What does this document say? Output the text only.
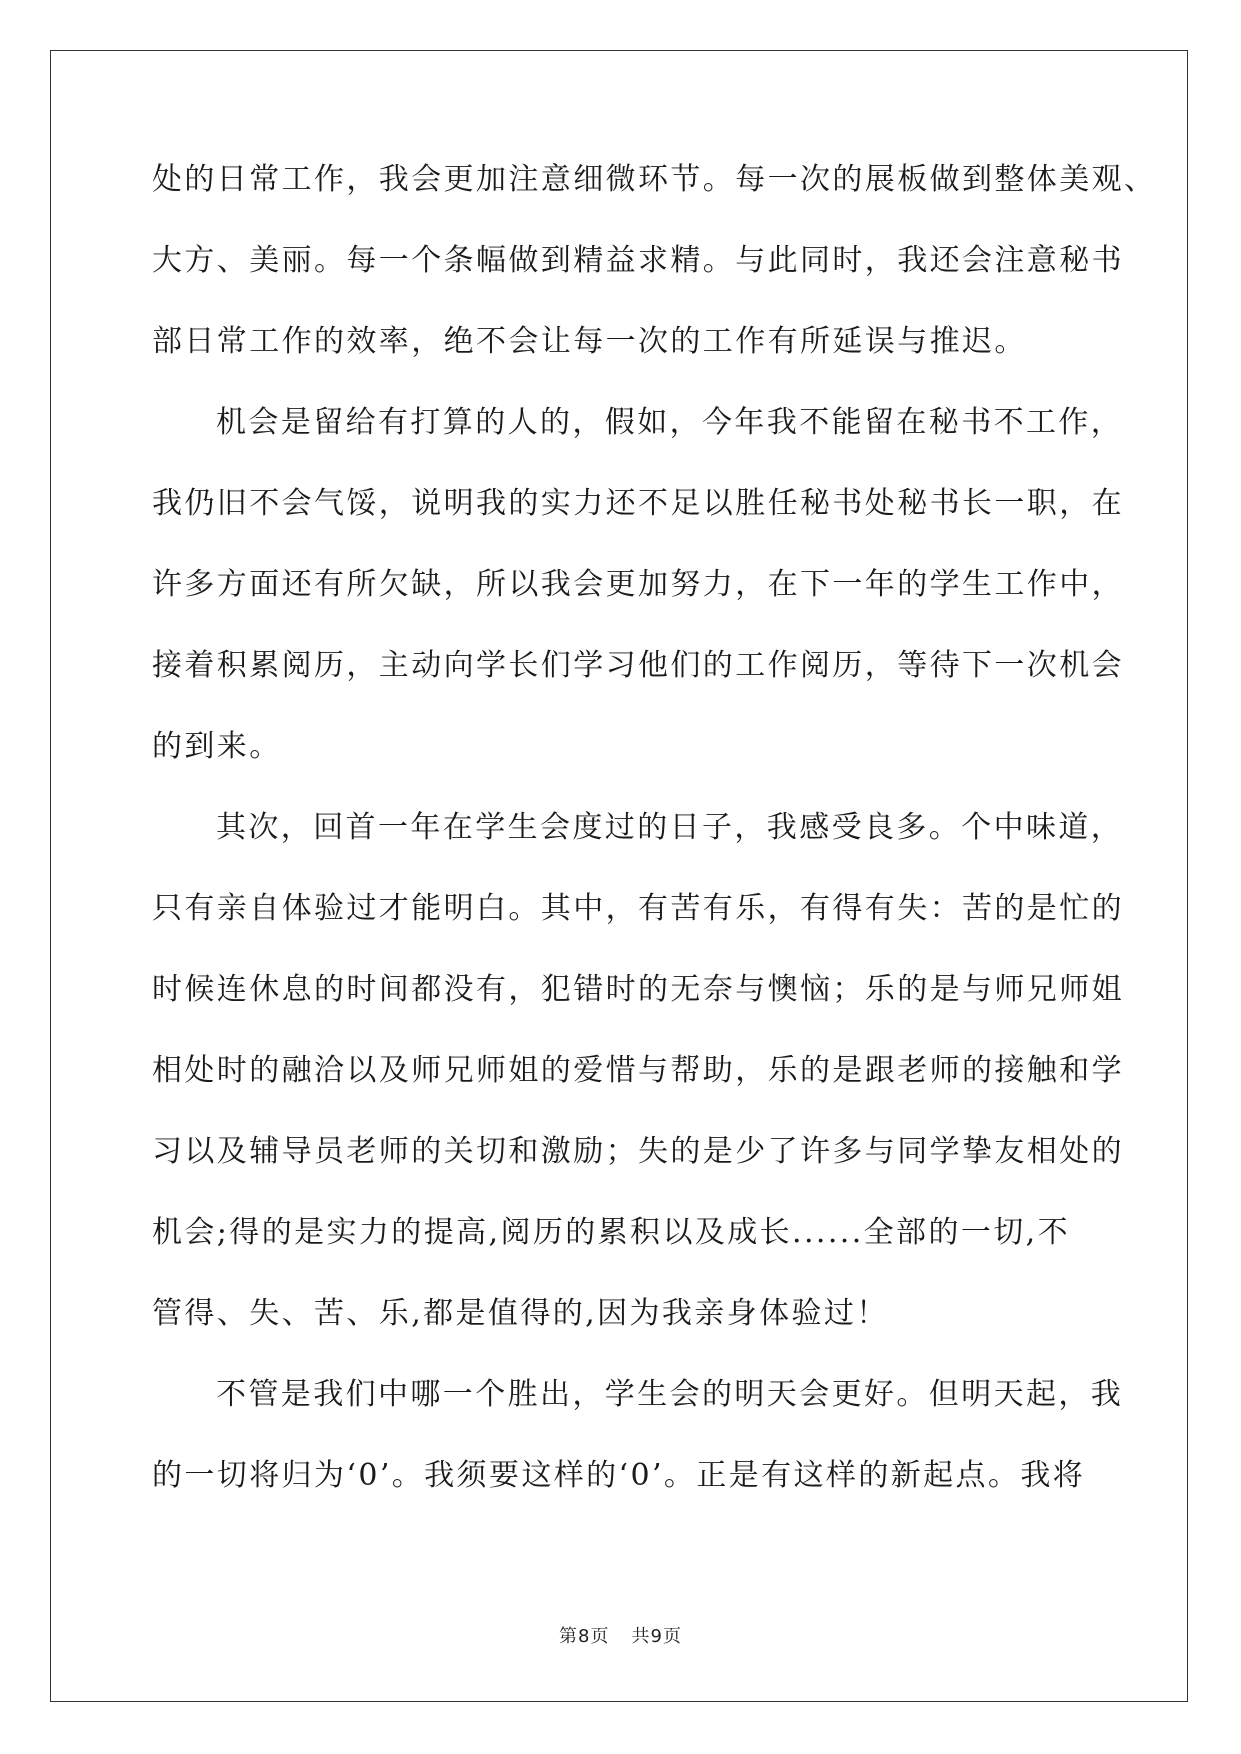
处的日常工作，我会更加注意细微环节。每一次的展板做到整体美观、
大方、美丽。每一个条幅做到精益求精。与此同时，我还会注意秘书
部日常工作的效率，绝不会让每一次的工作有所延误与推迟。
机会是留给有打算的人的，假如，今年我不能留在秘书不工作，
我仍旧不会气馁，说明我的实力还不足以胜任秘书处秘书长一职，在
许多方面还有所欠缺，所以我会更加努力，在下一年的学生工作中，
接着积累阅历，主动向学长们学习他们的工作阅历，等待下一次机会
的到来。
其次，回首一年在学生会度过的日子，我感受良多。个中味道，
只有亲自体验过才能明白。其中，有苦有乐，有得有失：苦的是忙的
时候连休息的时间都没有，犯错时的无奈与懊恼；乐的是与师兄师姐
相处时的融洽以及师兄师姐的爱惜与帮助，乐的是跟老师的接触和学
习以及辅导员老师的关切和激励；失的是少了许多与同学挚友相处的
机会;得的是实力的提高,阅历的累积以及成长......全部的一切,不
管得、失、苦、乐,都是值得的,因为我亲身体验过！
不管是我们中哪一个胜出，学生会的明天会更好。但明天起，我
的一切将归为‘0’。我须要这样的‘0’。正是有这样的新起点。我将
第8页 共9页
